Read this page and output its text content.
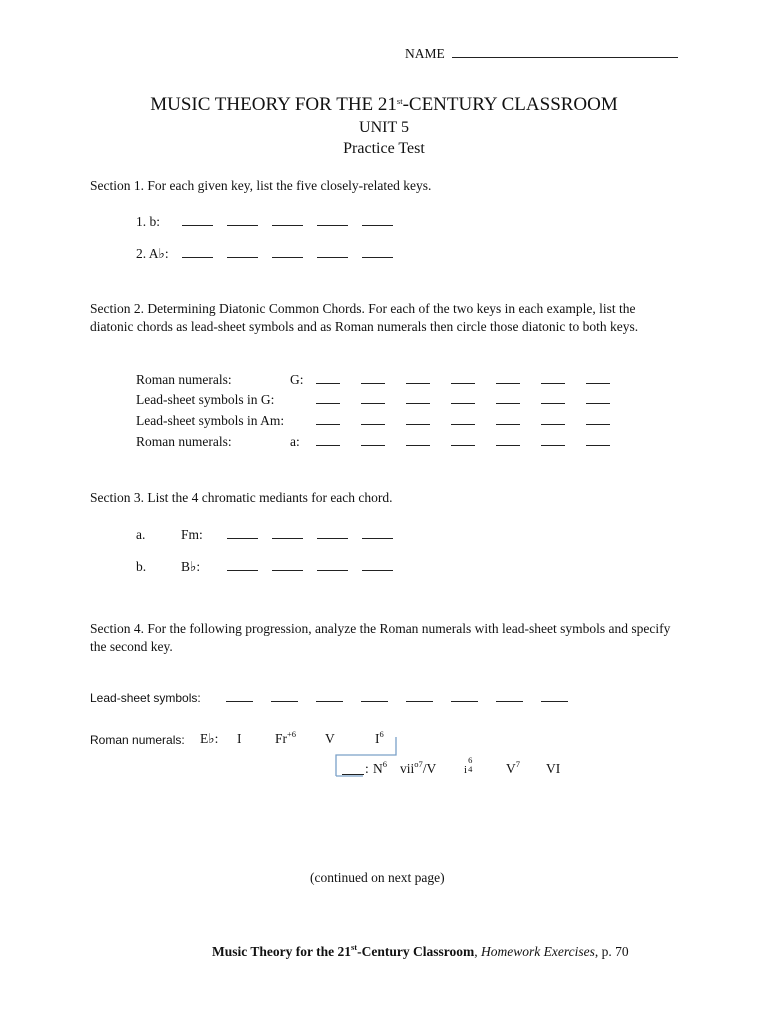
NAME
MUSIC THEORY FOR THE 21st-CENTURY CLASSROOM
UNIT 5
Practice Test
Section 1. For each given key, list the five closely-related keys.
1. b:
2. A♭:
Section 2. Determining Diatonic Common Chords. For each of the two keys in each example, list the diatonic chords as lead-sheet symbols and as Roman numerals then circle those diatonic to both keys.
Roman numerals:	G:
Lead-sheet symbols in G:
Lead-sheet symbols in Am:
Roman numerals:	a:
Section 3. List the 4 chromatic mediants for each chord.
a.	Fm:
b.	B♭:
Section 4. For the following progression, analyze the Roman numerals with lead-sheet symbols and specify the second key.
Lead-sheet symbols:
Roman numerals: E♭: I $Fr^{+6}$ V	$I^6$
: $N^6$ vii$^{o7}$/V	i
6
4 $V^7$ VI
(continued on next page)
Music Theory for the 21st-Century Classroom, Homework Exercises, p. 70
